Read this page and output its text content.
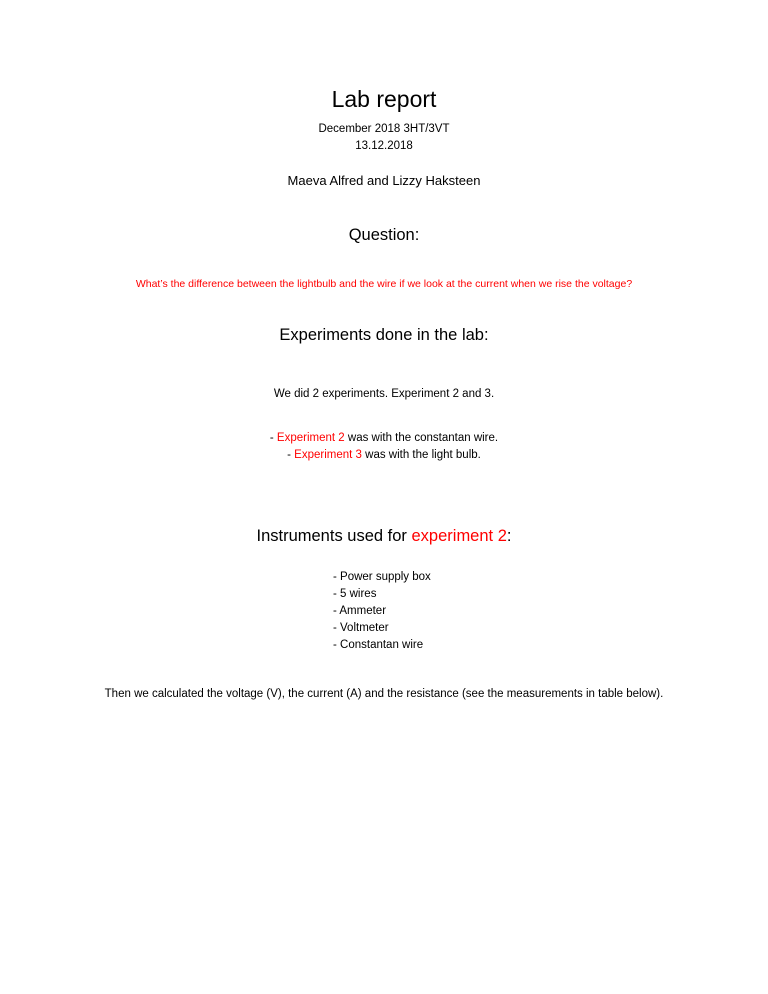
Lab report
December 2018 3HT/3VT
13.12.2018
Maeva Alfred and Lizzy Haksteen
Question:
What’s the difference between the lightbulb and the wire if we look at the current when we rise the voltage?
Experiments done in the lab:
We did 2 experiments. Experiment 2 and 3.
- Experiment 2 was with the constantan wire.
- Experiment 3 was with the light bulb.
Instruments used for experiment 2:
- Power supply box
- 5 wires
- Ammeter
- Voltmeter
- Constantan wire
Then we calculated the voltage (V), the current (A) and the resistance (see the measurements in table below).
